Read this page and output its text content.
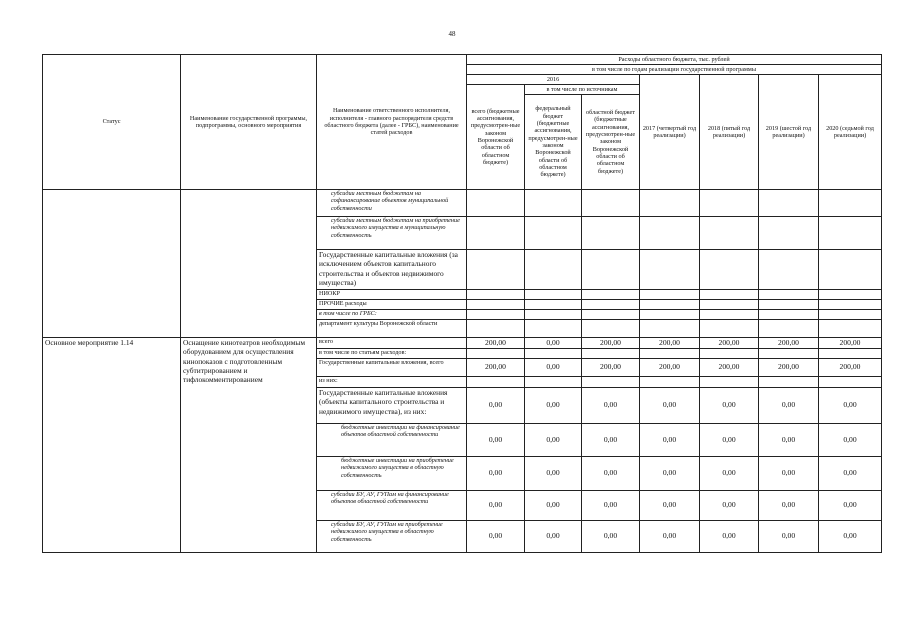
48
Статус	Наименование государственной программы, подпрограммы, основного мероприятия	Наименование ответственного исполнителя, исполнителя - главного распорядителя средств областного бюджета (далее - ГРБС), наименование статей расходов	Расходы областного бюджета, тыс. рублей						
			в том числе по годам реализации государственной программы						
			2016			2017 (четвертый год реализации)	2018 (пятый год реализации)	2019 (шестой год реализации)	2020 (седьмой год реализации)
			всего (бюджетные ассигнования, предусмотрен-ные законом Воронежской области об областном бюджете)	в том числе по источникам					
				федеральный бюджет (бюджетные ассигнования, предусмотрен-ные законом Воронежской области об областном бюджете)	областной бюджет (бюджетные ассигнования, предусмотрен-ные законом Воронежской области об областном бюджете)				
		субсидии местным бюджетам на софинансирование объектов муниципальной собственности							
		субсидии местным бюджетам на приобретение недвижимого имущества в муниципальную собственность							
		Государственные капитальные вложения (за исключением объектов капитального строительства и объектов недвижимого имущества)							
		НИОКР							
		ПРОЧИЕ расходы							
		в том числе по ГРБС:							
		департамент культуры Воронежской области							
Основное мероприятие 1.14	Оснащение кинотеатров необходимым оборудованием для осуществления кинопоказов с подготовленным субтитрированием и тифлокомментированием	всего	200,00	0,00	200,00	200,00	200,00	200,00	200,00
		в том числе по статьям расходов:							
		Государственные капитальные вложения, всего	200,00	0,00	200,00	200,00	200,00	200,00	200,00
		из них:							
		Государственные капитальные вложения (объекты капитального строительства и недвижимого имущества), из них:	0,00	0,00	0,00	0,00	0,00	0,00	0,00
		бюджетные инвестиции на финансирование объектов областной собственности	0,00	0,00	0,00	0,00	0,00	0,00	0,00
		бюджетные инвестиции на приобретение недвижимого имущества в областную собственность	0,00	0,00	0,00	0,00	0,00	0,00	0,00
		субсидии БУ, АУ, ГУПам на финансирование объектов областной собственности	0,00	0,00	0,00	0,00	0,00	0,00	0,00
		субсидии БУ, АУ, ГУПам на приобретение недвижимого имущества в областную собственность	0,00	0,00	0,00	0,00	0,00	0,00	0,00
